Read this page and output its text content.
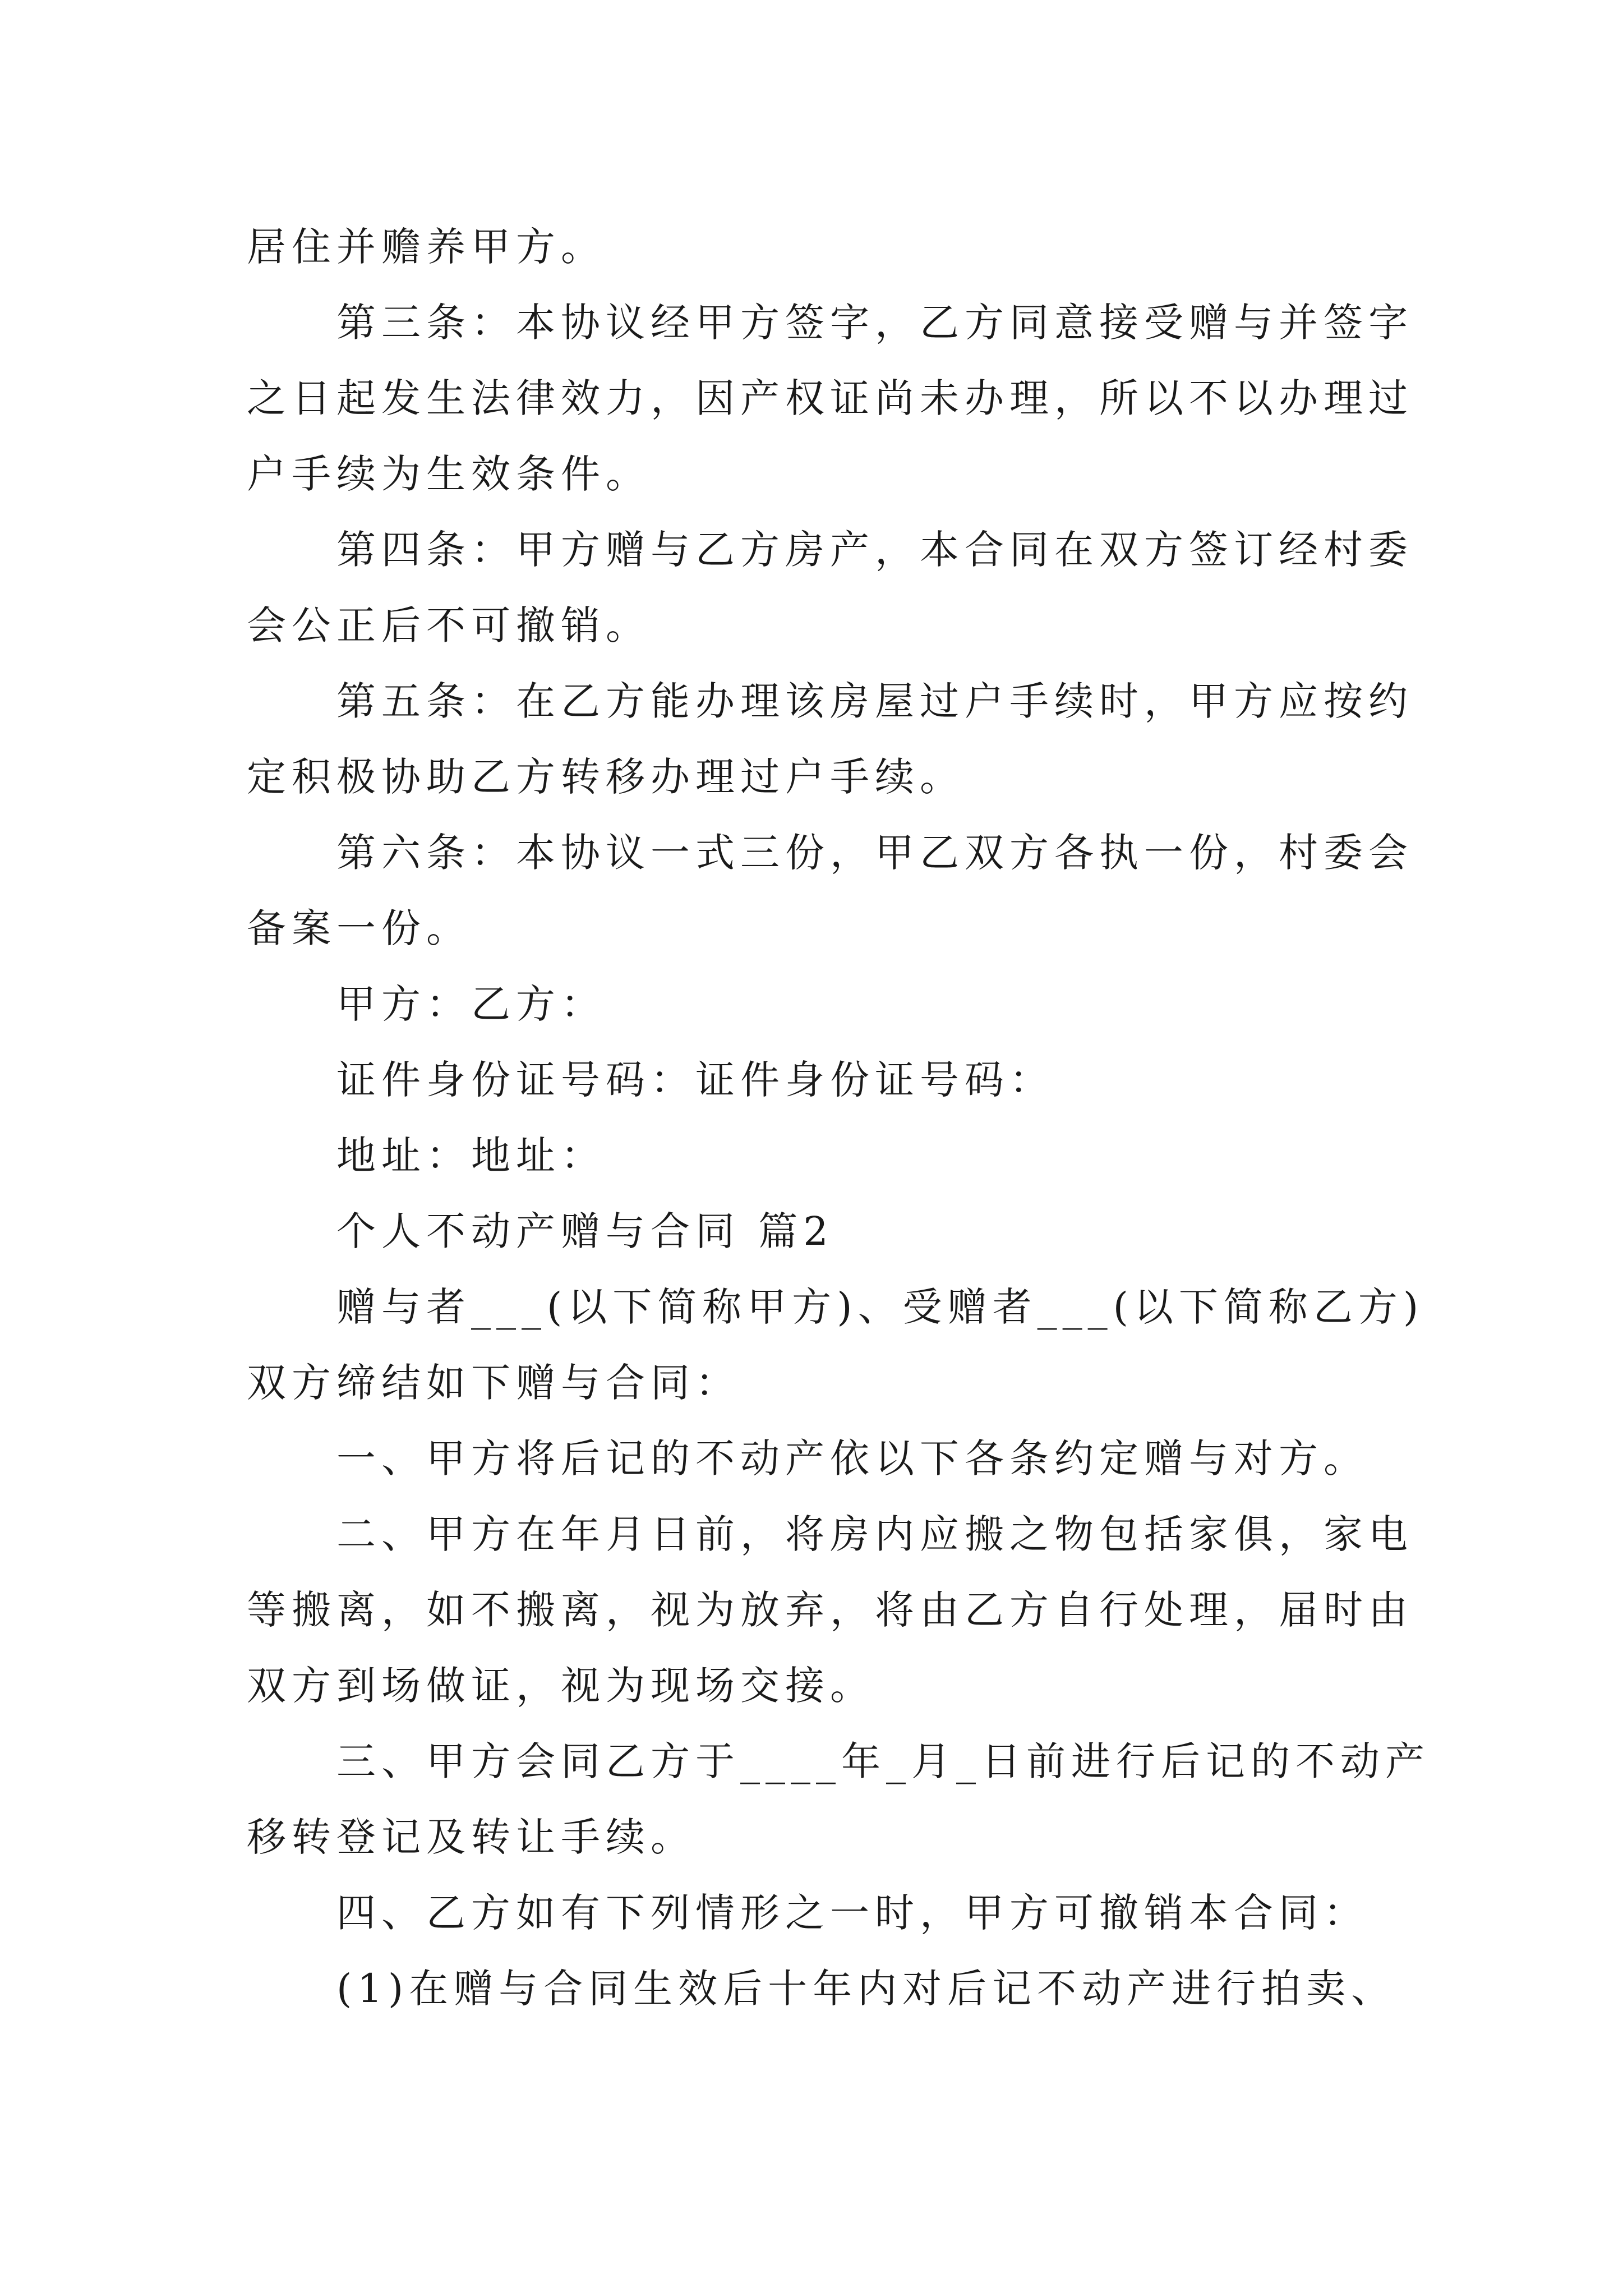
居住并赡养甲方。
第三条：本协议经甲方签字，乙方同意接受赠与并签字
之日起发生法律效力，因产权证尚未办理，所以不以办理过
户手续为生效条件。
第四条：甲方赠与乙方房产，本合同在双方签订经村委
会公正后不可撤销。
第五条：在乙方能办理该房屋过户手续时，甲方应按约
定积极协助乙方转移办理过户手续。
第六条：本协议一式三份，甲乙双方各执一份，村委会
备案一份。
甲方：乙方：
证件身份证号码：证件身份证号码：
地址：地址：
个人不动产赠与合同 篇2
赠与者___(以下简称甲方)、受赠者___(以下简称乙方)
双方缔结如下赠与合同：
一、甲方将后记的不动产依以下各条约定赠与对方。
二、甲方在年月日前，将房内应搬之物包括家俱，家电
等搬离，如不搬离，视为放弃，将由乙方自行处理，届时由
双方到场做证，视为现场交接。
三、甲方会同乙方于____年_月_日前进行后记的不动产
移转登记及转让手续。
四、乙方如有下列情形之一时，甲方可撤销本合同：
(1)在赠与合同生效后十年内对后记不动产进行拍卖、
